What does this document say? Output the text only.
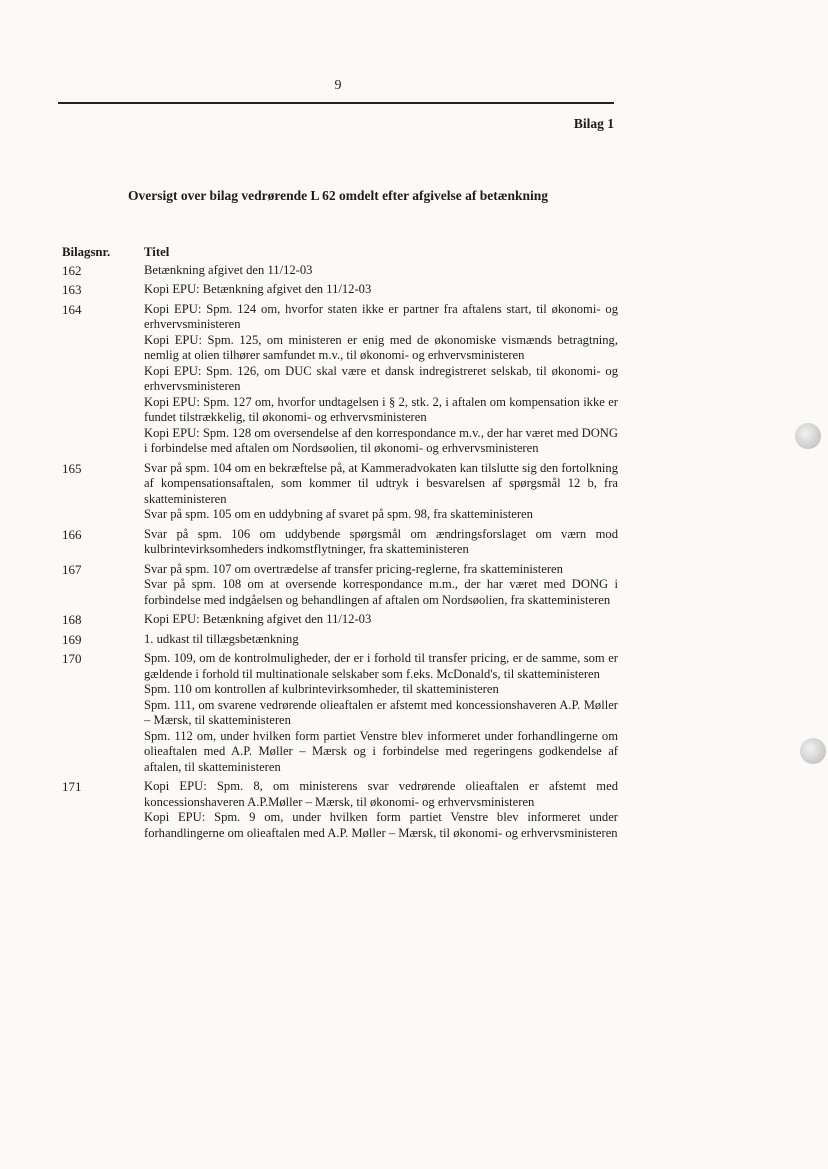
9
Bilag 1
Oversigt over bilag vedrørende L 62 omdelt efter afgivelse af betænkning
Bilagsnr.	Titel
162	Betænkning afgivet den 11/12-03
163	Kopi EPU: Betænkning afgivet den 11/12-03
164	Kopi EPU: Spm. 124 om, hvorfor staten ikke er partner fra aftalens start, til økonomi- og erhvervsministeren
Kopi EPU: Spm. 125, om ministeren er enig med de økonomiske vismænds betragtning, nemlig at olien tilhører samfundet m.v., til økonomi- og erhvervsministeren
Kopi EPU: Spm. 126, om DUC skal være et dansk indregistreret selskab, til økonomi- og erhvervsministeren
Kopi EPU: Spm. 127 om, hvorfor undtagelsen i § 2, stk. 2, i aftalen om kompensation ikke er fundet tilstrækkelig, til økonomi- og erhvervsministeren
Kopi EPU: Spm. 128 om oversendelse af den korrespondance m.v., der har været med DONG i forbindelse med aftalen om Nordsøolien, til økonomi- og erhvervsministeren
165	Svar på spm. 104 om en bekræftelse på, at Kammeradvokaten kan tilslutte sig den fortolkning af kompensationsaftalen, som kommer til udtryk i besvarelsen af spørgsmål 12 b, fra skatteministeren
Svar på spm. 105 om en uddybning af svaret på spm. 98, fra skatteministeren
166	Svar på spm. 106 om uddybende spørgsmål om ændringsforslaget om værn mod kulbrintevirksomheders indkomstflytninger, fra skatteministeren
167	Svar på spm. 107 om overtrædelse af transfer pricing-reglerne, fra skatteministeren
Svar på spm. 108 om at oversende korrespondance m.m., der har været med DONG i forbindelse med indgåelsen og behandlingen af aftalen om Nordsøolien, fra skatteministeren
168	Kopi EPU: Betænkning afgivet den 11/12-03
169	1. udkast til tillægsbetænkning
170	Spm. 109, om de kontrolmuligheder, der er i forhold til transfer pricing, er de samme, som er gældende i forhold til multinationale selskaber som f.eks. McDonald's, til skatteministeren
Spm. 110 om kontrollen af kulbrintevirksomheder, til skatteministeren
Spm. 111, om svarene vedrørende olieaftalen er afstemt med koncessionshaveren A.P. Møller – Mærsk, til skatteministeren
Spm. 112 om, under hvilken form partiet Venstre blev informeret under forhandlingerne om olieaftalen med A.P. Møller – Mærsk og i forbindelse med regeringens godkendelse af aftalen, til skatteministeren
171	Kopi EPU: Spm. 8, om ministerens svar vedrørende olieaftalen er afstemt med koncessionshaveren A.P.Møller – Mærsk, til økonomi- og erhvervsministeren
Kopi EPU: Spm. 9 om, under hvilken form partiet Venstre blev informeret under forhandlingerne om olieaftalen med A.P. Møller – Mærsk, til økonomi- og erhvervsministeren
